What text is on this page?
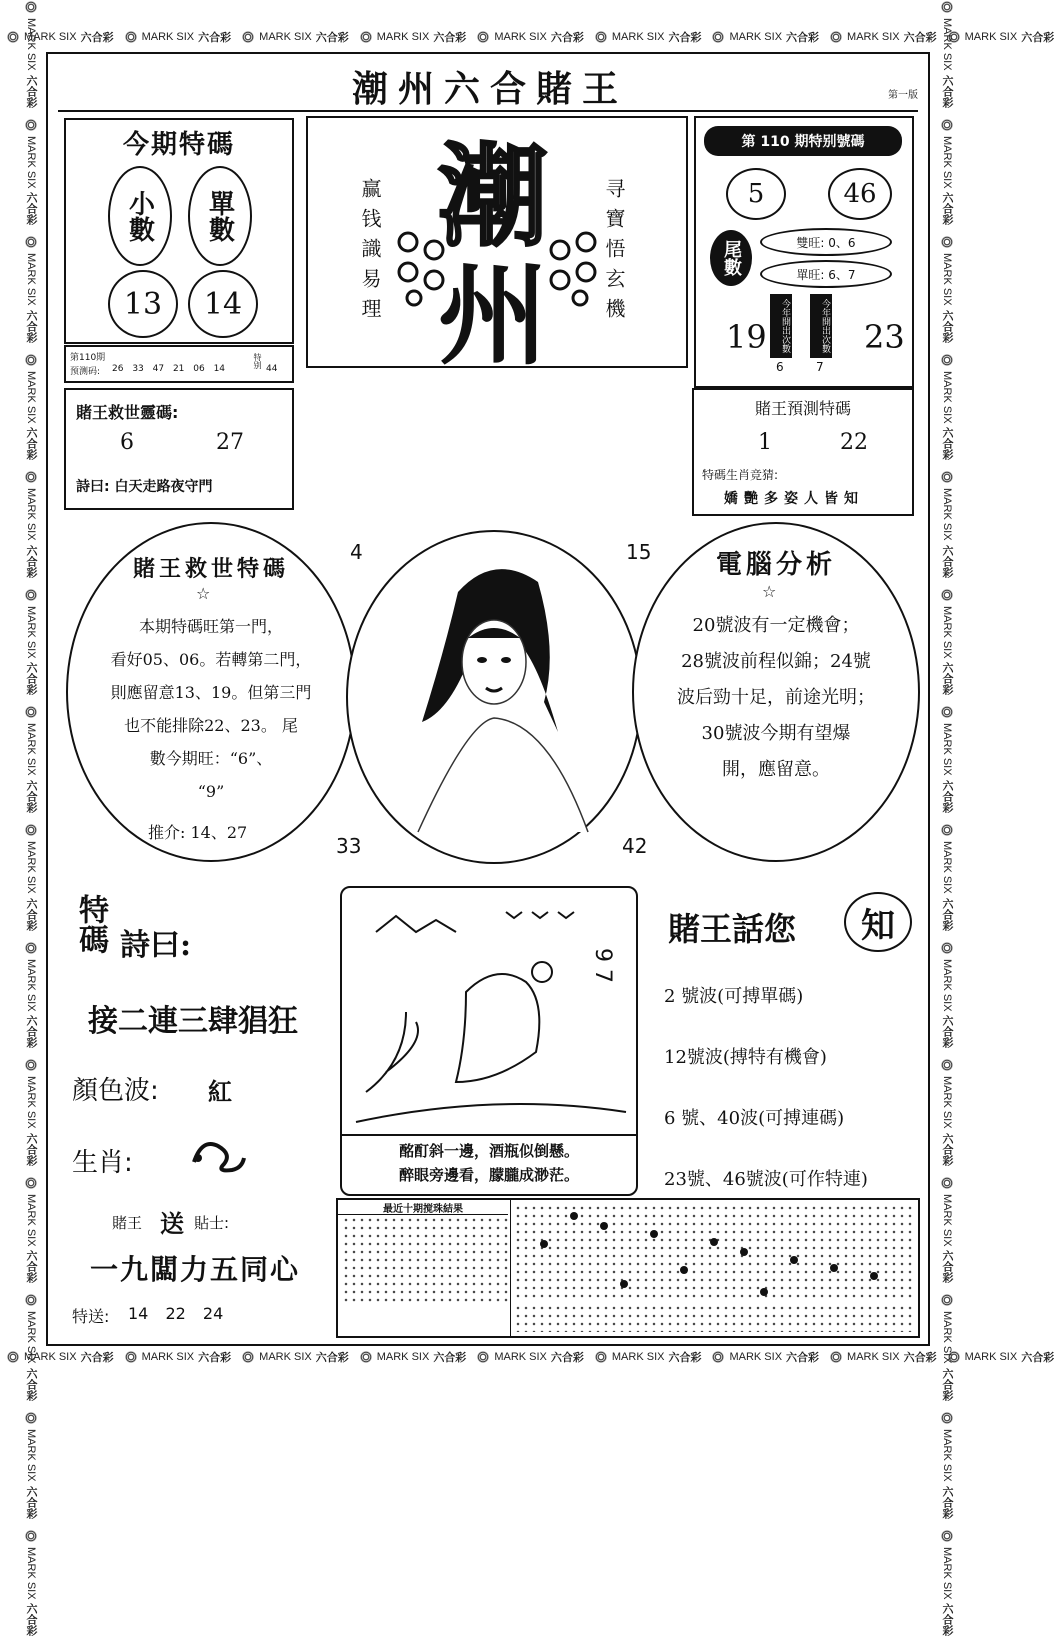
MARK SIX 六合彩	MARK SIX 六合彩	MARK SIX 六合彩	MARK SIX 六合彩	MARK SIX 六合彩	MARK SIX 六合彩	MARK SIX 六合彩	MARK SIX 六合彩	MARK SIX 六合彩
MARK SIX 六合彩	MARK SIX 六合彩	MARK SIX 六合彩	MARK SIX 六合彩	MARK SIX 六合彩	MARK SIX 六合彩	MARK SIX 六合彩	MARK SIX 六合彩	MARK SIX 六合彩
MARK SIX
六合彩
MARK SIX
六合彩
MARK SIX
六合彩
MARK SIX
六合彩
MARK SIX
六合彩
MARK SIX
六合彩
MARK SIX
六合彩
MARK SIX
六合彩
MARK SIX
六合彩
MARK SIX
六合彩
MARK SIX
六合彩
MARK SIX
六合彩
MARK SIX
六合彩
MARK SIX
六合彩
MARK SIX
六合彩
MARK SIX
六合彩
MARK SIX
六合彩
MARK SIX
六合彩
MARK SIX
六合彩
MARK SIX
六合彩
MARK SIX
六合彩
MARK SIX
六合彩
MARK SIX
六合彩
MARK SIX
六合彩
MARK SIX
六合彩
MARK SIX
六合彩
MARK SIX
六合彩
MARK SIX
六合彩
潮州六合賭王	第一版
今期特碼
小數	單數
13	14
第110期
预测码: 26 33 47 21 06 14	特别 44
潮
州
赢钱識易理	寻寶悟玄機
第 110 期特别號碼
5	46
尾數	雙旺: 0、6
單旺: 6、7
19	23
今年開出次數	今年開出次數
6	7
賭王救世靈碼:
6	27
詩曰: 白天走路夜守門
賭王預測特碼
1	22
特碼生肖竞猜:
嬌艷多姿人皆知
賭王救世特碼
☆
本期特碼旺第一門，
看好05、06。若轉第二門，
則應留意13、19。但第三門
也不能排除22、23。 尾
數今期旺：“6”、
“9”
推介: 14、27
4	15
33	42
電腦分析
☆
20號波有一定機會；
28號波前程似錦；24號
波后勁十足，前途光明；
30號波今期有望爆
開，應留意。
特碼 詩曰:
接二連三肆猖狂
顏色波: 紅
生肖:
9 7
酩酊斜一邊，酒瓶似倒懸。
醉眼旁邊看，朦朧成渺茫。
賭王話您	知
2 號波(可搏單碼)
12號波(搏特有機會)
6 號、40波(可搏連碼)
23號、46號波(可作特連)
賭王 送 貼士:
一九闆力五同心
特送: 14 22 24
最近十期搅珠結果
